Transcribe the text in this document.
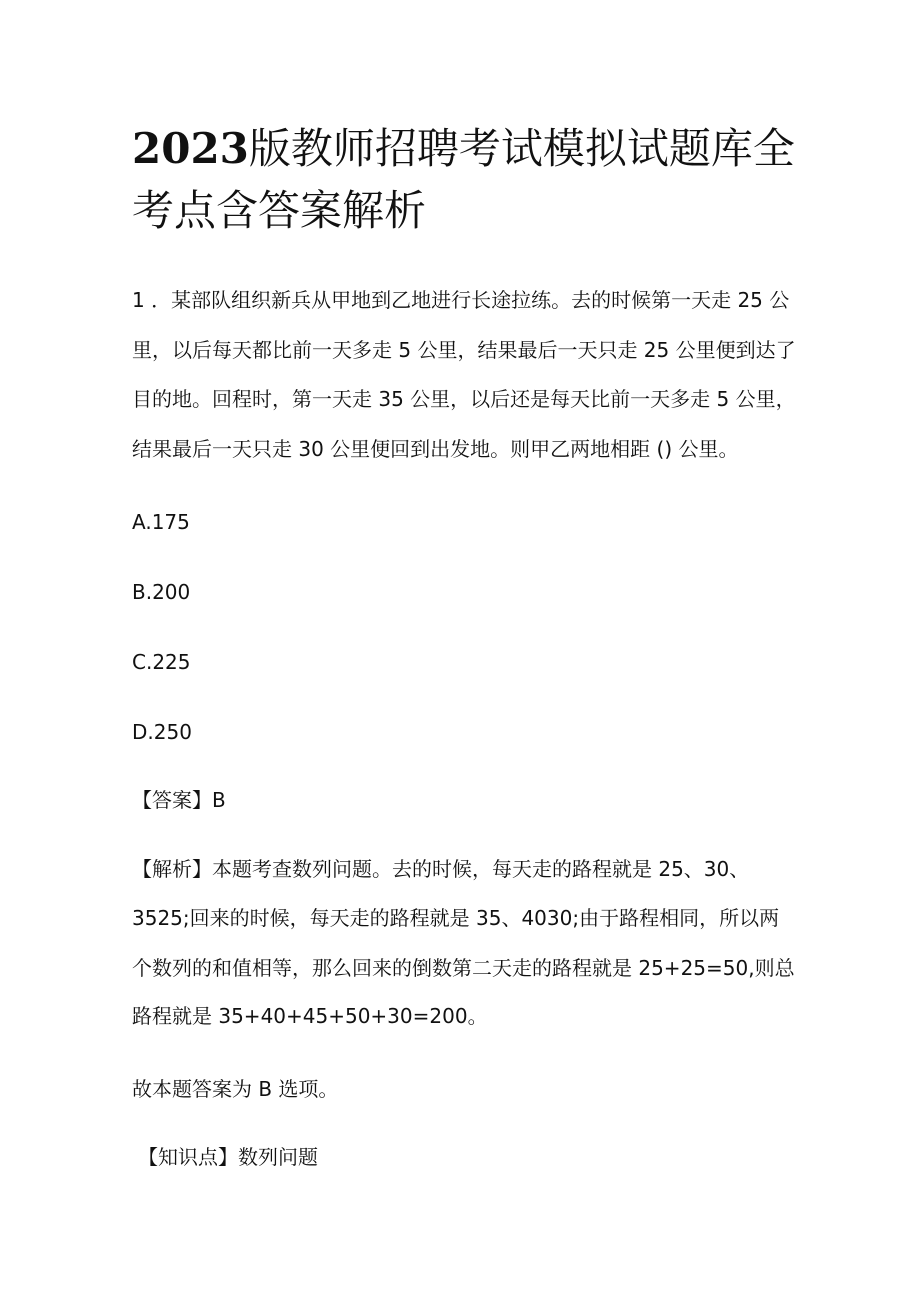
2023版教师招聘考试模拟试题库全
考点含答案解析

1 ．某部队组织新兵从甲地到乙地进行长途拉练。去的时候第一天走 25 公

里，以后每天都比前一天多走 5 公里，结果最后一天只走 25 公里便到达了

目的地。回程时，第一天走 35 公里，以后还是每天比前一天多走 5 公里，

结果最后一天只走 30 公里便回到出发地。则甲乙两地相距 () 公里。

A.175

B.200

C.225

D.250

【答案】B

【解析】本题考查数列问题。去的时候，每天走的路程就是 25、30、

3525;回来的时候，每天走的路程就是 35、4030;由于路程相同，所以两

个数列的和值相等，那么回来的倒数第二天走的路程就是 25+25=50,则总

路程就是 35+40+45+50+30=200。

故本题答案为 B 选项。

【知识点】数列问题
